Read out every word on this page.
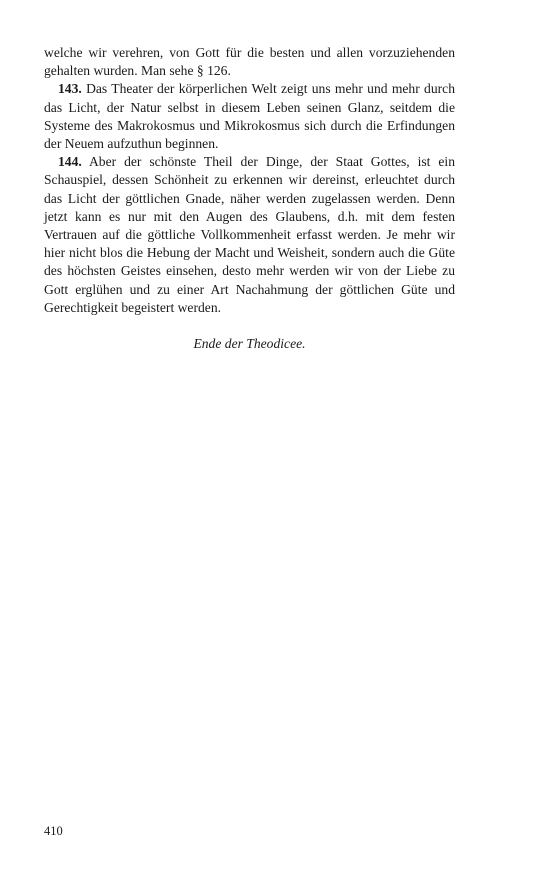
welche wir verehren, von Gott für die besten und allen vorzuziehenden gehalten wurden. Man sehe § 126.

143. Das Theater der körperlichen Welt zeigt uns mehr und mehr durch das Licht, der Natur selbst in diesem Leben seinen Glanz, seitdem die Systeme des Makrokosmus und Mikrokosmus sich durch die Erfindungen der Neuem aufzuthun beginnen.

144. Aber der schönste Theil der Dinge, der Staat Gottes, ist ein Schauspiel, dessen Schönheit zu erkennen wir dereinst, erleuchtet durch das Licht der göttlichen Gnade, näher werden zugelassen werden. Denn jetzt kann es nur mit den Augen des Glaubens, d.h. mit dem festen Vertrauen auf die göttliche Vollkommenheit erfasst werden. Je mehr wir hier nicht blos die Hebung der Macht und Weisheit, sondern auch die Güte des höchsten Geistes einsehen, desto mehr werden wir von der Liebe zu Gott erglühen und zu einer Art Nachahmung der göttlichen Güte und Gerechtigkeit begeistert werden.

Ende der Theodicee.

410
